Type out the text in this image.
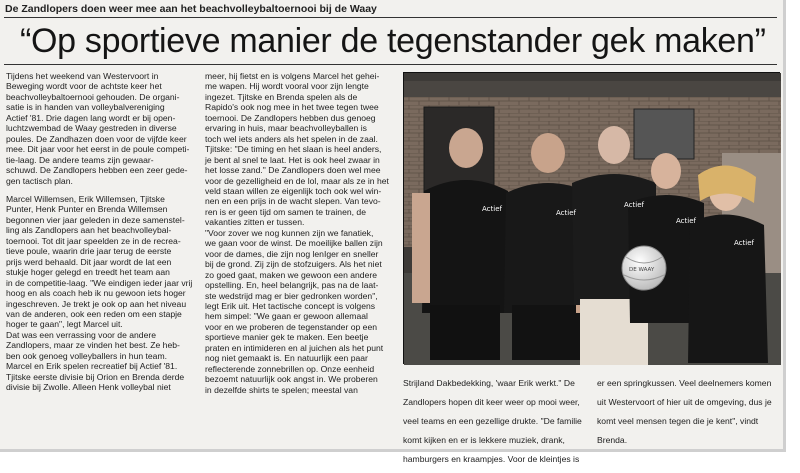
De Zandlopers doen weer mee aan het beachvolleybaltoernooi bij de Waay
“Op sportieve manier de tegenstander gek maken”

Tijdens het weekend van Westervoort in

Beweging wordt voor de achtste keer het

beachvolleybaltoernooi gehouden. De organi-

satie is in handen van volleybalvereniging

Actief '81. Drie dagen lang wordt er bij open-

luchtzwembad de Waay gestreden in diverse

poules. De Zandhazen doen voor de vijfde keer

mee. Dit jaar voor het eerst in de poule competi-

tie-laag. De andere teams zijn gewaar-

schuwd. De Zandlopers hebben een zeer gede-

gen tactisch plan.

Marcel Willemsen, Erik Willemsen, Tjitske

Punter, Henk Punter en Brenda Willemsen

begonnen vier jaar geleden in deze samenstel-

ling als Zandlopers aan het beachvolleybal-

toernooi. Tot dit jaar speelden ze in de recrea-

tieve poule, waarin drie jaar terug de eerste

prijs werd behaald. Dit jaar wordt de lat een

stukje hoger gelegd en treedt het team aan

in de competitie-laag. "We eindigen ieder jaar vrij

hoog en als coach heb ik nu gewoon iets hoger

ingeschreven. Je trekt je ook op aan het niveau

van de anderen, ook een reden om een stapje

hoger te gaan", legt Marcel uit.

Dat was een verrassing voor de andere

Zandlopers, maar ze vinden het best. Ze heb-

ben ook genoeg volleyballers in hun team.

Marcel en Erik spelen recreatief bij Actief '81.

Tjitske eerste divisie bij Orion en Brenda derde

divisie bij Zwolle. Alleen Henk volleybal niet

meer, hij fietst en is volgens Marcel het gehei-

me wapen. Hij wordt vooral voor zijn lengte

ingezet. Tjitske en Brenda spelen als de

Rapido's ook nog mee in het twee tegen twee

toernooi. De Zandlopers hebben dus genoeg

ervaring in huis, maar beachvolleyballen is

toch wel iets anders als het spelen in de zaal.

Tjitske: "De timing en het slaan is heel anders,

je bent al snel te laat. Het is ook heel zwaar in

het losse zand." De Zandlopers doen wel mee

voor de gezelligheid en de lol, maar als ze in het

veld staan willen ze eigenlijk toch ook wel win-

nen en een prijs in de wacht slepen. Van tevo-

ren is er geen tijd om samen te trainen, de

vakanties zitten er tussen.

"Voor zover we nog kunnen zijn we fanatiek,

we gaan voor de winst. De moeilijke ballen zijn

voor de dames, die zijn nog lenIger en sneller

bij de grond. Zij zijn de stofzuigers. Als het niet

zo goed gaat, maken we gewoon een andere

opstelling. En, heel belangrijk, pas na de laat-

ste wedstrijd mag er bier gedronken worden",

legt Erik uit. Het tactische concept is volgens

hem simpel: "We gaan er gewoon allemaal

voor en we proberen de tegenstander op een

sportieve manier gek te maken. Een beetje

praten en intimideren en al juichen als het punt

nog niet gemaakt is. En natuurlijk een paar

reflecterende zonnebrillen op. Onze eenheid

bezoemt natuurlijk ook angst in. We proberen

in dezelfde shirts te spelen; meestal van

Actief	Actief
Actief
Actief
Actief
DE WAAY

Strijland Dakbedekking, 'waar Erik werkt." De

Zandlopers hopen dit keer weer op mooi weer,

veel teams en een gezellige drukte. "De familie

komt kijken en er is lekkere muziek, drank,

hamburgers en kraampjes. Voor de kleintjes is

er een springkussen. Veel deelnemers komen

uit Westervoort of hier uit de omgeving, dus je

komt veel mensen tegen die je kent", vindt

Brenda.
